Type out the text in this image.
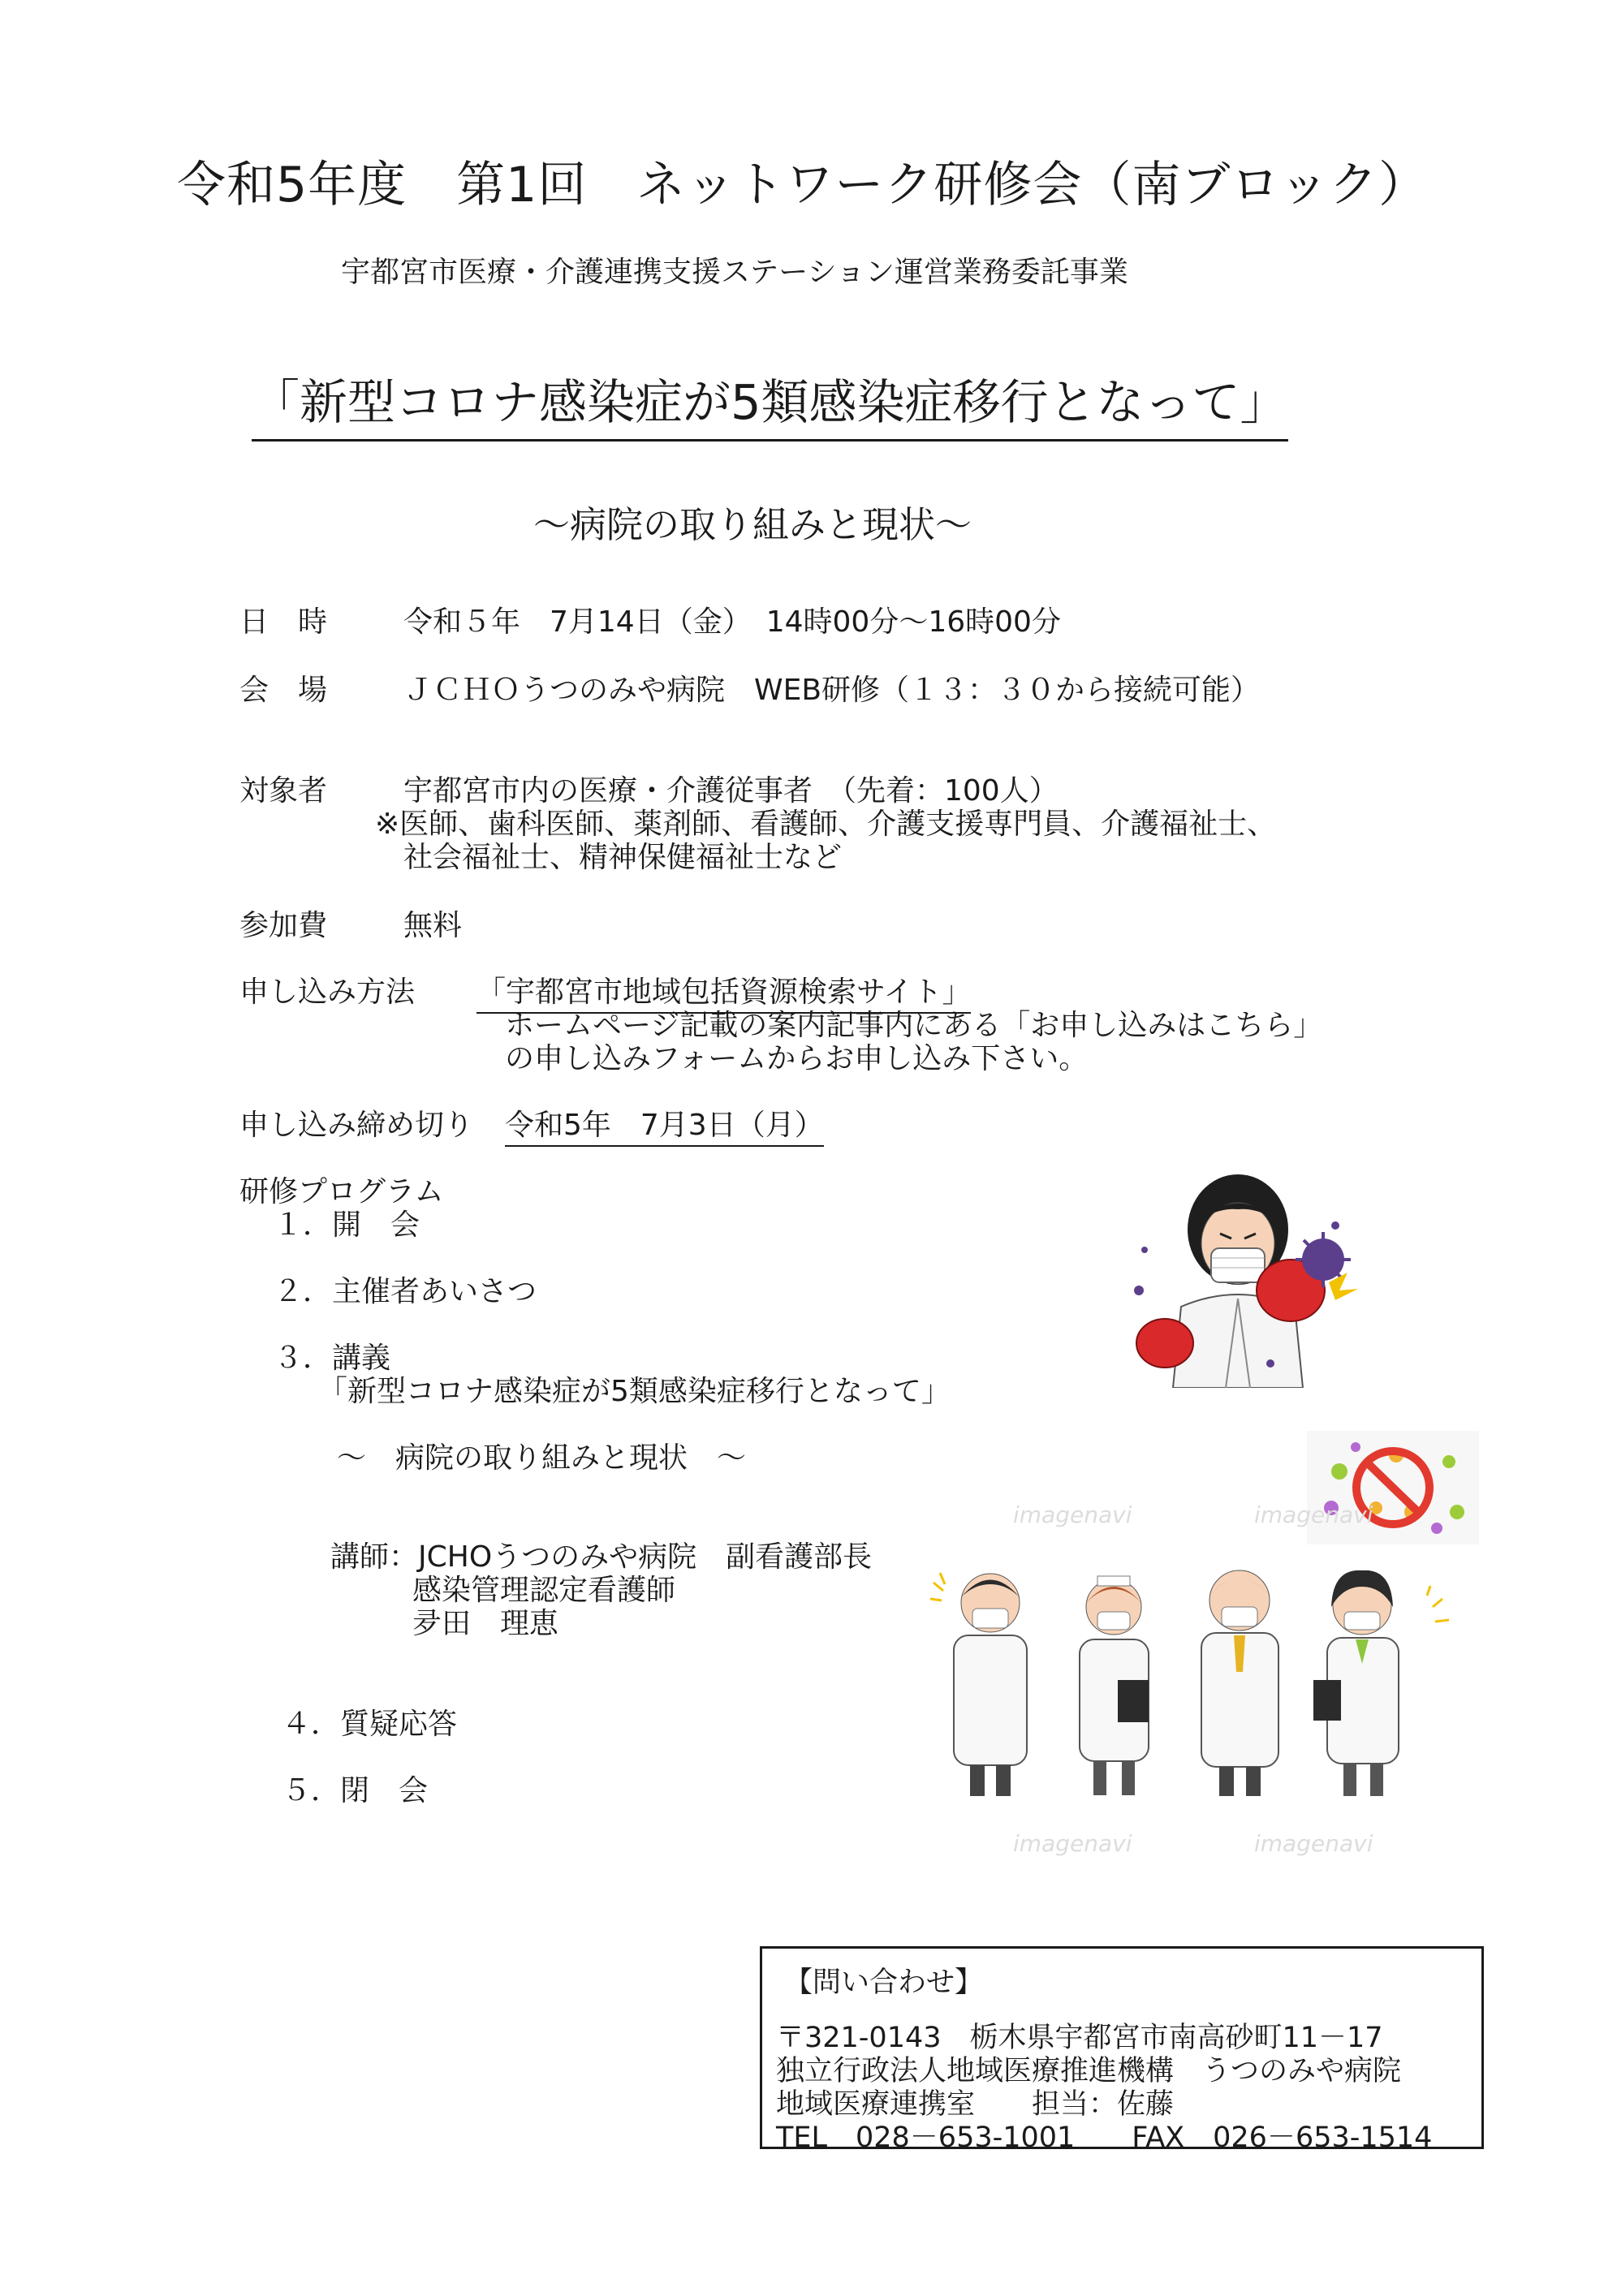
令和5年度　第1回　ネットワーク研修会（南ブロック）
宇都宮市医療・介護連携支援ステーション運営業務委託事業
「新型コロナ感染症が5類感染症移行となって」
～病院の取り組みと現状～
日　時	令和５年　7月14日（金）　14時00分～16時00分
会　場	ＪＣＨＯうつのみや病院　WEB研修（１３：３０から接続可能）
対象者	宇都宮市内の医療・介護従事者　（先着：100人）
※医師、歯科医師、薬剤師、看護師、介護支援専門員、介護福祉士、
社会福祉士、精神保健福祉士など
参加費	無料
申し込み方法 「宇都宮市地域包括資源検索サイト」
ホームページ記載の案内記事内にある「お申し込みはこちら」
の申し込みフォームからお申し込み下さい。
申し込み締め切り 令和5年　7月3日（月）
研修プログラム
１．開　会
２．主催者あいさつ
３．講義
「新型コロナ感染症が5類感染症移行となって」
～　病院の取り組みと現状　～
講師：JCHOうつのみや病院　副看護部長
感染管理認定看護師
夛田　理恵
４．質疑応答
５．閉　会
imagenavi	imagenavi
imagenavi	imagenavi
【問い合わせ】
〒321-0143　栃木県宇都宮市南高砂町11－17
独立行政法人地域医療推進機構　うつのみや病院
地域医療連携室　　担当：佐藤
TEL　028－653-1001　　FAX　026－653-1514
